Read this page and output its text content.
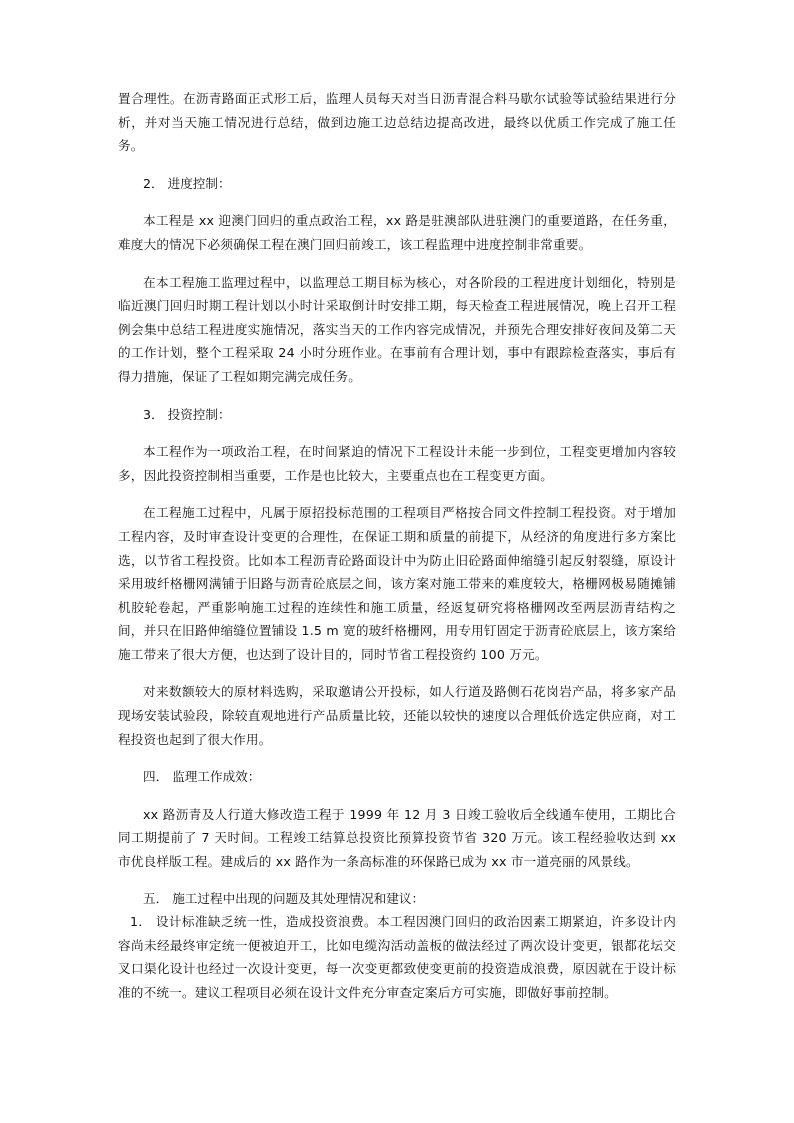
置合理性。在沥青路面正式形工后，监理人员每天对当日沥青混合料马歇尔试验等试验结果进行分析，并对当天施工情况进行总结，做到边施工边总结边提高改进，最终以优质工作完成了施工任务。

2． 进度控制：

本工程是 xx 迎澳门回归的重点政治工程，xx 路是驻澳部队进驻澳门的重要道路，在任务重，难度大的情况下必须确保工程在澳门回归前竣工，该工程监理中进度控制非常重要。

在本工程施工监理过程中，以监理总工期目标为核心，对各阶段的工程进度计划细化，特别是临近澳门回归时期工程计划以小时计采取倒计时安排工期，每天检查工程进展情况，晚上召开工程例会集中总结工程进度实施情况，落实当天的工作内容完成情况，并预先合理安排好夜间及第二天的工作计划，整个工程采取 24 小时分班作业。在事前有合理计划，事中有跟踪检查落实，事后有得力措施，保证了工程如期完满完成任务。

3． 投资控制：

本工程作为一项政治工程，在时间紧迫的情况下工程设计未能一步到位，工程变更增加内容较多，因此投资控制相当重要，工作是也比较大，主要重点也在工程变更方面。

在工程施工过程中，凡属于原招投标范围的工程项目严格按合同文件控制工程投资。对于增加工程内容，及时审查设计变更的合理性，在保证工期和质量的前提下，从经济的角度进行多方案比选，以节省工程投资。比如本工程沥青砼路面设计中为防止旧砼路面伸缩缝引起反射裂缝，原设计采用玻纤格栅网满铺于旧路与沥青砼底层之间，该方案对施工带来的难度较大，格栅网极易随摊铺机胶轮卷起，严重影响施工过程的连续性和施工质量，经返复研究将格栅网改至两层沥青结构之间，并只在旧路伸缩缝位置铺设 1.5 m 宽的玻纤格栅网，用专用钉固定于沥青砼底层上，该方案给施工带来了很大方便，也达到了设计目的，同时节省工程投资约 100 万元。

对来数额较大的原材料选购，采取邀请公开投标，如人行道及路侧石花岗岩产品，将多家产品现场安装试验段，除较直观地进行产品质量比较，还能以较快的速度以合理低价选定供应商，对工程投资也起到了很大作用。

四． 监理工作成效：

xx 路沥青及人行道大修改造工程于 1999 年 12 月 3 日竣工验收后全线通车使用，工期比合同工期提前了 7 天时间。工程竣工结算总投资比预算投资节省 320 万元。该工程经验收达到 xx 市优良样版工程。建成后的 xx 路作为一条高标准的环保路已成为 xx 市一道亮丽的风景线。

五． 施工过程中出现的问题及其处理情况和建议：

1． 设计标准缺乏统一性，造成投资浪费。本工程因澳门回归的政治因素工期紧迫，许多设计内容尚未经最终审定统一便被迫开工，比如电缆沟活动盖板的做法经过了两次设计变更，银都花坛交叉口渠化设计也经过一次设计变更，每一次变更都致使变更前的投资造成浪费，原因就在于设计标准的不统一。建议工程项目必须在设计文件充分审查定案后方可实施，即做好事前控制。
